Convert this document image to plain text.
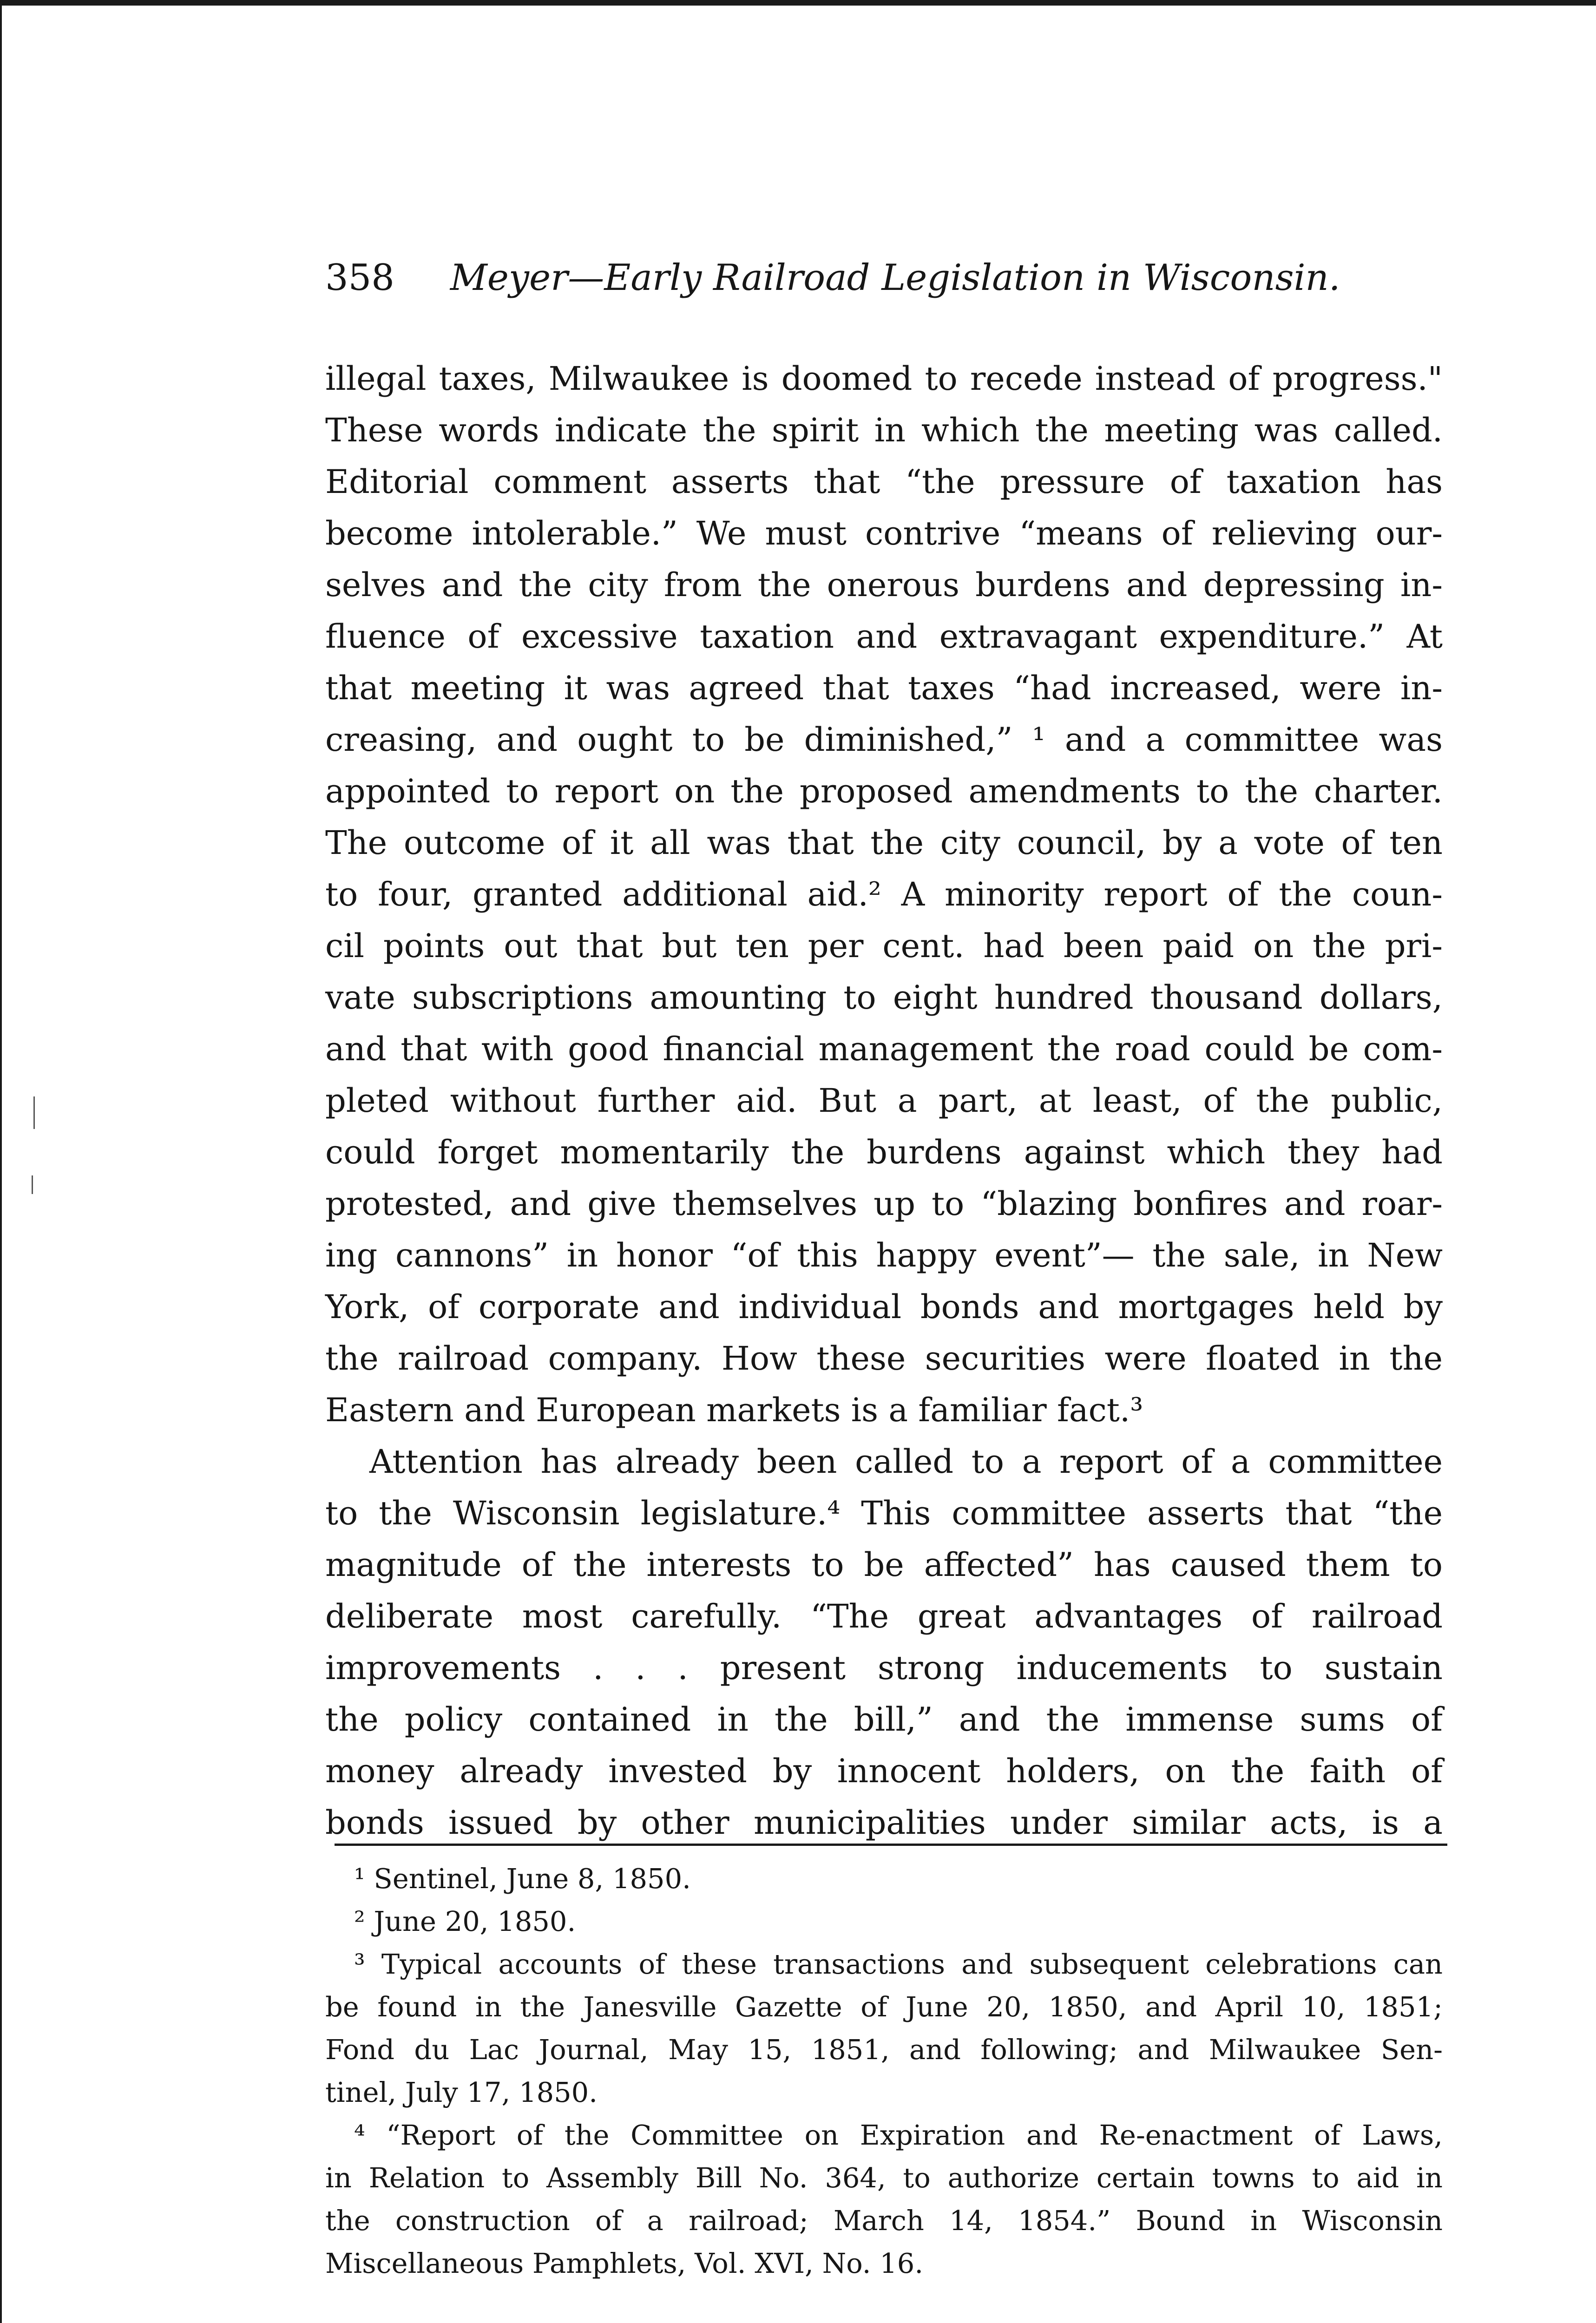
358 Meyer—Early Railroad Legislation in Wisconsin.
illegal taxes, Milwaukee is doomed to recede instead of progress."
These words indicate the spirit in which the meeting was called.
Editorial comment asserts that “the pressure of taxation has
become intolerable.” We must contrive “means of relieving our-
selves and the city from the onerous burdens and depressing in-
fluence of excessive taxation and extravagant expenditure.” At
that meeting it was agreed that taxes “had increased, were in-
creasing, and ought to be diminished,” ¹ and a committee was
appointed to report on the proposed amendments to the charter.
The outcome of it all was that the city council, by a vote of ten
to four, granted additional aid.² A minority report of the coun-
cil points out that but ten per cent. had been paid on the pri-
vate subscriptions amounting to eight hundred thousand dollars,
and that with good financial management the road could be com-
pleted without further aid. But a part, at least, of the public,
could forget momentarily the burdens against which they had
protested, and give themselves up to “blazing bonfires and roar-
ing cannons” in honor “of this happy event”— the sale, in New
York, of corporate and individual bonds and mortgages held by
the railroad company. How these securities were floated in the
Eastern and European markets is a familiar fact.³
Attention has already been called to a report of a committee
to the Wisconsin legislature.⁴ This committee asserts that “the
magnitude of the interests to be affected” has caused them to
deliberate most carefully. “The great advantages of railroad
improvements . . . present strong inducements to sustain
the policy contained in the bill,” and the immense sums of
money already invested by innocent holders, on the faith of
bonds issued by other municipalities under similar acts, is a
¹ Sentinel, June 8, 1850.
² June 20, 1850.
³ Typical accounts of these transactions and subsequent celebrations can
be found in the Janesville Gazette of June 20, 1850, and April 10, 1851;
Fond du Lac Journal, May 15, 1851, and following; and Milwaukee Sen-
tinel, July 17, 1850.
⁴ “Report of the Committee on Expiration and Re-enactment of Laws,
in Relation to Assembly Bill No. 364, to authorize certain towns to aid in
the construction of a railroad; March 14, 1854.” Bound in Wisconsin
Miscellaneous Pamphlets, Vol. XVI, No. 16.
